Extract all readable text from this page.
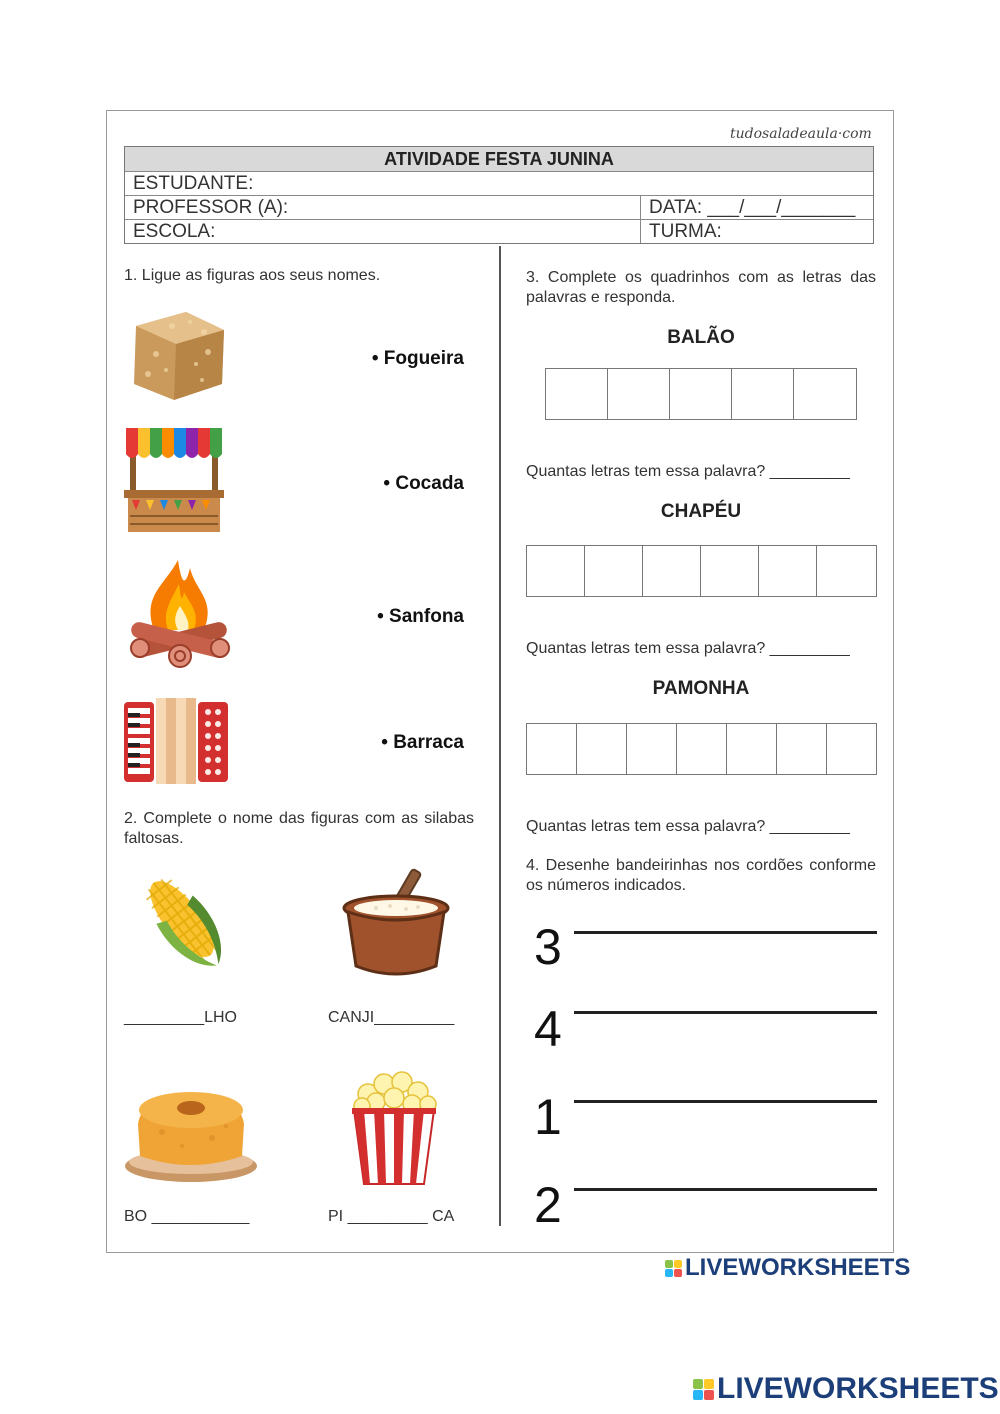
tudosaladeaula·com
ATIVIDADE FESTA JUNINA
ESTUDANTE:
PROFESSOR (A):	DATA: ___/___/_______
ESCOLA:	TURMA:
1. Ligue as figuras aos seus nomes.
• Fogueira
• Cocada
• Sanfona
• Barraca
2. Complete o nome das figuras com as silabas faltosas.
_________LHO	CANJI_________
BO ___________	PI _________ CA
3. Complete os quadrinhos com as letras das palavras e responda.
BALÃO
Quantas letras tem essa palavra? _________
CHAPÉU
Quantas letras tem essa palavra? _________
PAMONHA
Quantas letras tem essa palavra? _________
4. Desenhe bandeirinhas nos cordões conforme os números indicados.
3
4
1
2
LIVEWORKSHEETS
LIVEWORKSHEETS
